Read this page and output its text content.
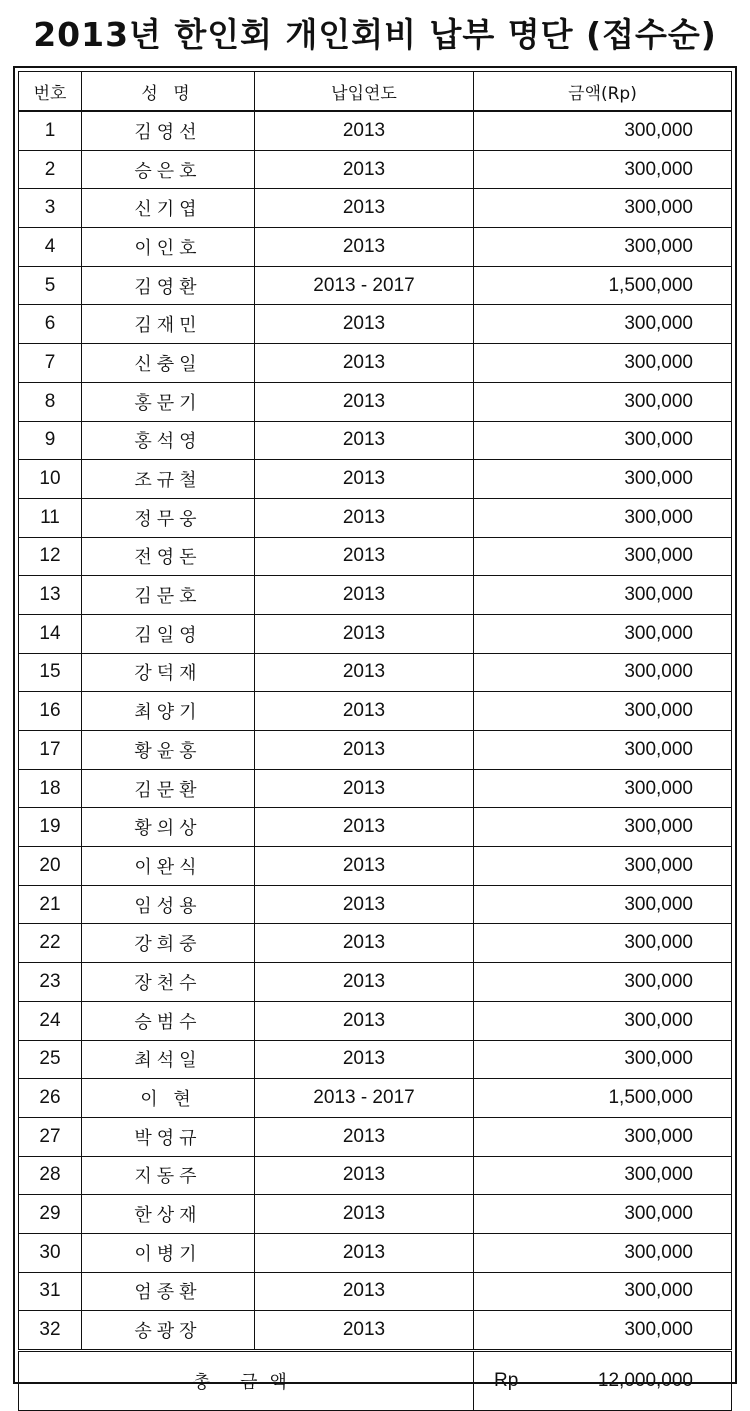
2013년 한인회 개인회비 납부 명단 (접수순)
번호	성 명	납입연도	금액(Rp)
1	김영선	2013	300,000
2	승은호	2013	300,000
3	신기엽	2013	300,000
4	이인호	2013	300,000
5	김영환	2013 - 2017	1,500,000
6	김재민	2013	300,000
7	신충일	2013	300,000
8	홍문기	2013	300,000
9	홍석영	2013	300,000
10	조규철	2013	300,000
11	정무웅	2013	300,000
12	전영돈	2013	300,000
13	김문호	2013	300,000
14	김일영	2013	300,000
15	강덕재	2013	300,000
16	최양기	2013	300,000
17	황윤홍	2013	300,000
18	김문환	2013	300,000
19	황의상	2013	300,000
20	이완식	2013	300,000
21	임성용	2013	300,000
22	강희중	2013	300,000
23	장천수	2013	300,000
24	승범수	2013	300,000
25	최석일	2013	300,000
26	이 현	2013 - 2017	1,500,000
27	박영규	2013	300,000
28	지동주	2013	300,000
29	한상재	2013	300,000
30	이병기	2013	300,000
31	엄종환	2013	300,000
32	송광장	2013	300,000
총 금액			Rp 12,000,000
